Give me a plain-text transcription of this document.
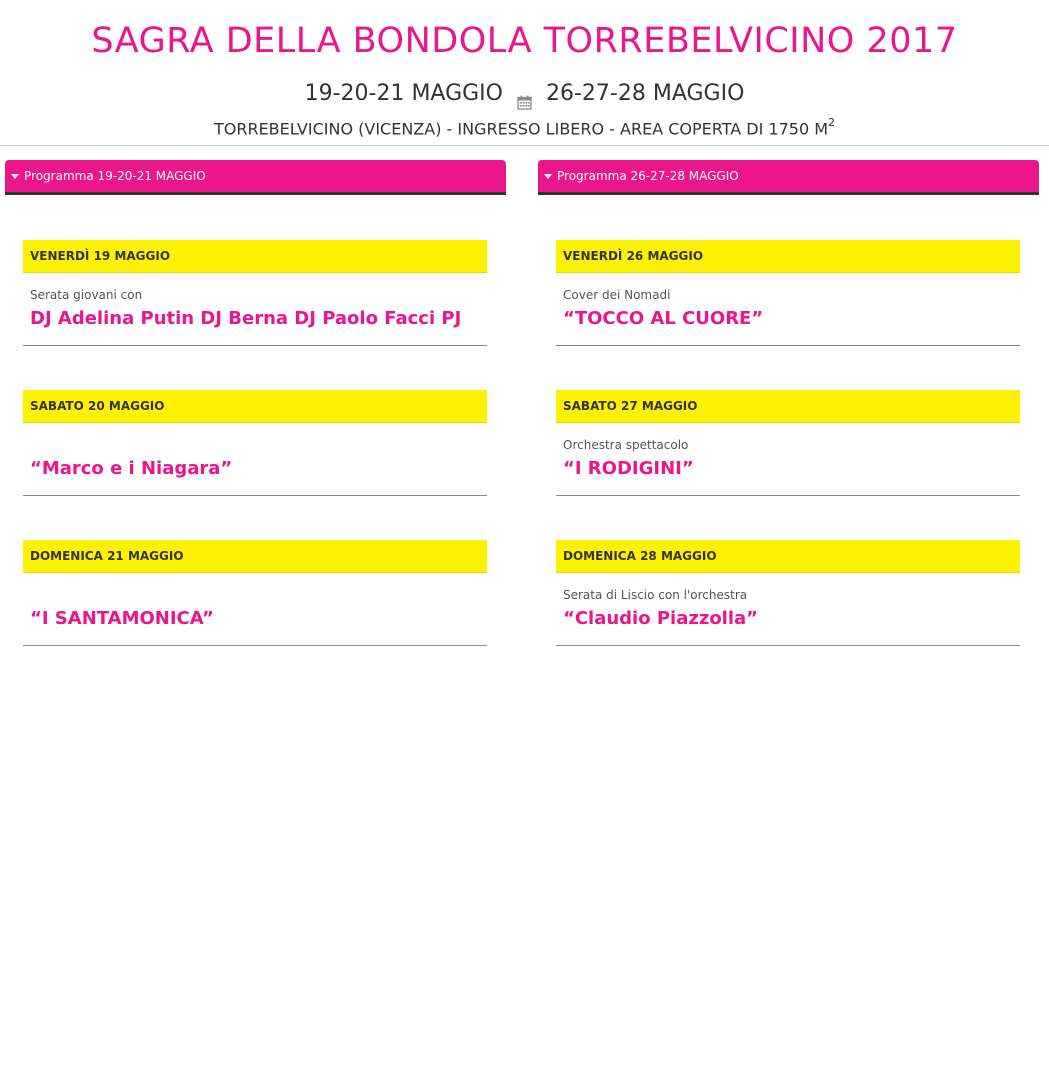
SAGRA DELLA BONDOLA TORREBELVICINO 2017
19-20-21 MAGGIO 26-27-28 MAGGIO
TORREBELVICINO (VICENZA) - INGRESSO LIBERO - AREA COPERTA DI 1750 $M^2$
Programma 19-20-21 MAGGIO
VENERDÌ 19 MAGGIO
Serata giovani con
DJ Adelina Putin DJ Berna DJ Paolo Facci PJ
SABATO 20 MAGGIO
“Marco e i Niagara”
DOMENICA 21 MAGGIO
“I SANTAMONICA”
Programma 26-27-28 MAGGIO
VENERDÌ 26 MAGGIO
Cover dei Nomadi
“TOCCO AL CUORE”
SABATO 27 MAGGIO
Orchestra spettacolo
“I RODIGINI”
DOMENICA 28 MAGGIO
Serata di Liscio con l'orchestra
“Claudio Piazzolla”
